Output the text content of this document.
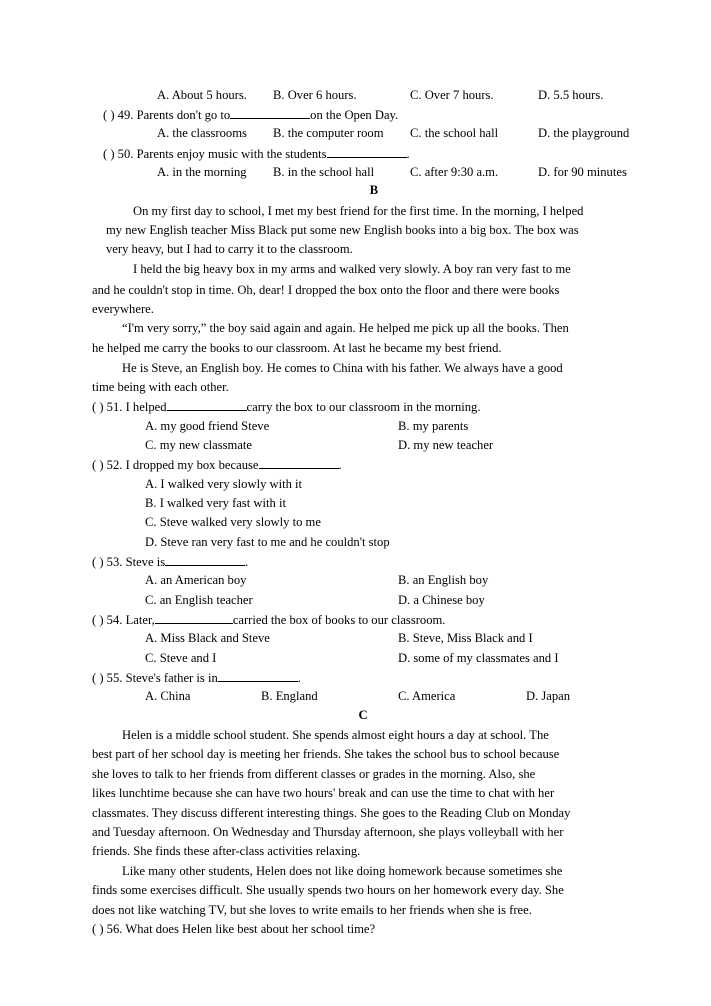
A. About 5 hours. B. Over 6 hours.	C. Over 7 hours.	D. 5.5 hours.
( ) 49. Parents don't go to	on the Open Day.
A. the classrooms B. the computer room C. the school hall	D. the playground
( ) 50. Parents enjoy music with the students	.
A. in the morning B. in the school hall	C. after 9:30 a.m.	D. for 90 minutes
B
On my first day to school, I met my best friend for the first time. In the morning, I helped
my new English teacher Miss Black put some new English books into a big box. The box was
very heavy, but I had to carry it to the classroom.
I held the big heavy box in my arms and walked very slowly. A boy ran very fast to me
and he couldn't stop in time. Oh, dear! I dropped the box onto the floor and there were books
everywhere.
“I'm very sorry,” the boy said again and again. He helped me pick up all the books. Then
he helped me carry the books to our classroom. At last he became my best friend.
He is Steve, an English boy. He comes to China with his father. We always have a good
time being with each other.
( ) 51. I helped	carry the box to our classroom in the morning.
A. my good friend Steve	B. my parents
C. my new classmate	D. my new teacher
( ) 52. I dropped my box because	.
A. I walked very slowly with it
B. I walked very fast with it
C. Steve walked very slowly to me
D. Steve ran very fast to me and he couldn't stop
( ) 53. Steve is	.
A. an American boy	B. an English boy
C. an English teacher	D. a Chinese boy
( ) 54. Later,	carried the box of books to our classroom.
A. Miss Black and Steve	B. Steve, Miss Black and I
C. Steve and I	D. some of my classmates and I
( ) 55. Steve's father is in	.
A. China	B. England	C. America	D. Japan
C
Helen is a middle school student. She spends almost eight hours a day at school. The
best part of her school day is meeting her friends. She takes the school bus to school because
she loves to talk to her friends from different classes or grades in the morning. Also, she
likes lunchtime because she can have two hours' break and can use the time to chat with her
classmates. They discuss different interesting things. She goes to the Reading Club on Monday
and Tuesday afternoon. On Wednesday and Thursday afternoon, she plays volleyball with her
friends. She finds these after-class activities relaxing.
Like many other students, Helen does not like doing homework because sometimes she
finds some exercises difficult. She usually spends two hours on her homework every day. She
does not like watching TV, but she loves to write emails to her friends when she is free.
( ) 56. What does Helen like best about her school time?
